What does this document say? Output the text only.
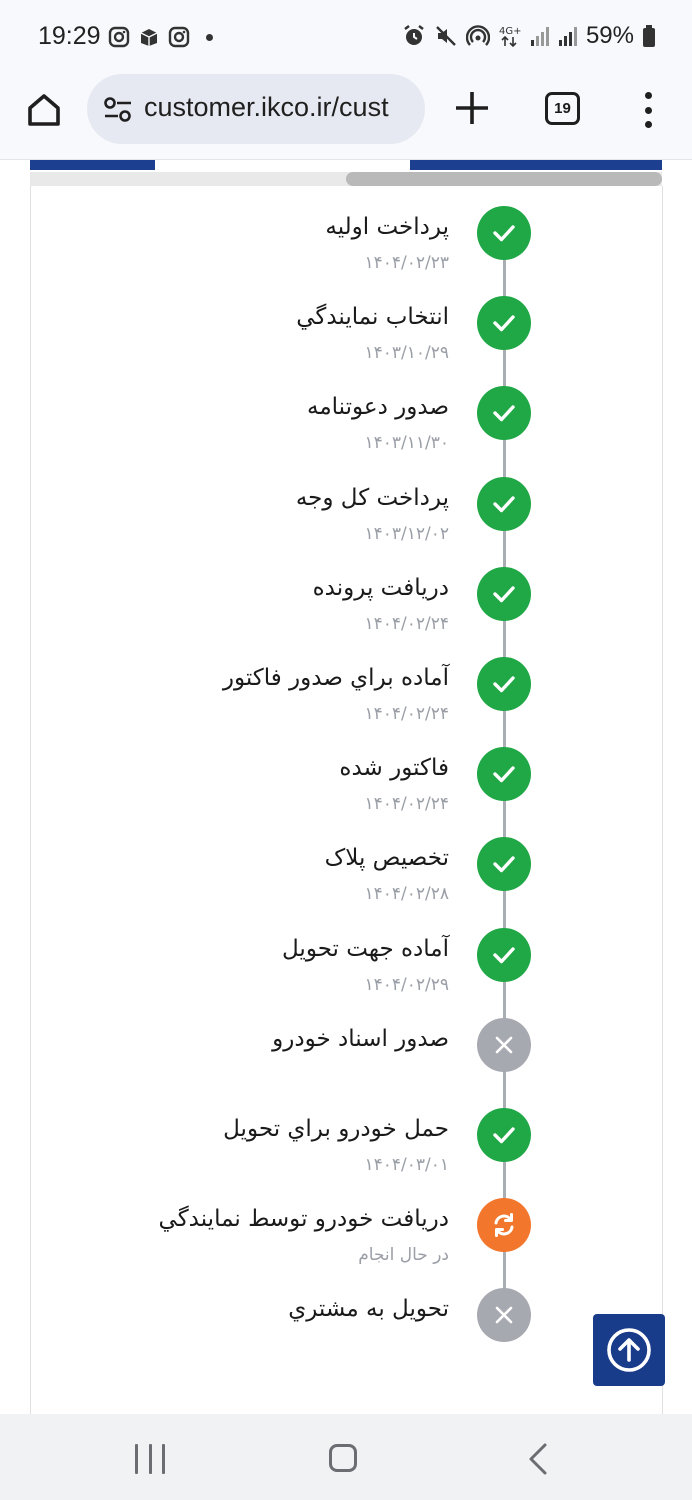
19:29	4G+	59%
customer.ikco.ir/cust	19
پرداخت اوليه
۱۴۰۴/۰۲/۲۳
انتخاب نمايندگي
۱۴۰۳/۱۰/۲۹
صدور دعوتنامه
۱۴۰۳/۱۱/۳۰
پرداخت کل وجه
۱۴۰۳/۱۲/۰۲
دريافت پرونده
۱۴۰۴/۰۲/۲۴
آماده براي صدور فاکتور
۱۴۰۴/۰۲/۲۴
فاکتور شده
۱۴۰۴/۰۲/۲۴
تخصيص پلاک
۱۴۰۴/۰۲/۲۸
آماده جهت تحويل
۱۴۰۴/۰۲/۲۹
صدور اسناد خودرو
حمل خودرو براي تحويل
۱۴۰۴/۰۳/۰۱
دريافت خودرو توسط نمايندگي
در حال انجام
تحويل به مشتري
